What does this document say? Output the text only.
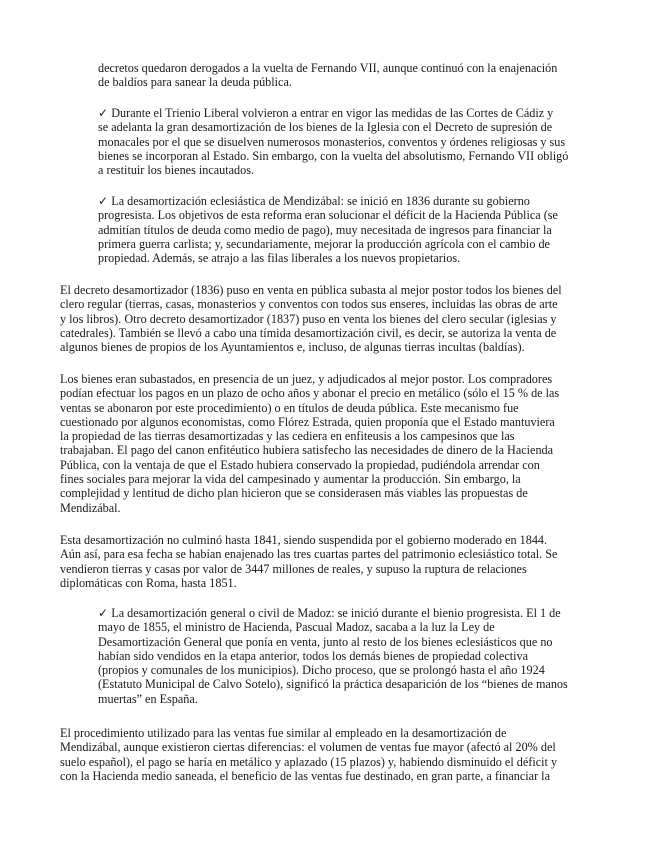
decretos quedaron derogados a la vuelta de Fernando VII, aunque continuó con la enajenación
de baldíos para sanear la deuda pública.

✓ Durante el Trienio Liberal volvieron a entrar en vigor las medidas de las Cortes de Cádiz y
se adelanta la gran desamortización de los bienes de la Iglesia con el Decreto de supresión de
monacales por el que se disuelven numerosos monasterios, conventos y órdenes religiosas y sus
bienes se incorporan al Estado. Sin embargo, con la vuelta del absolutismo, Fernando VII obligó
a restituir los bienes incautados.

✓ La desamortización eclesiástica de Mendizábal: se inició en 1836 durante su gobierno
progresista. Los objetivos de esta reforma eran solucionar el déficit de la Hacienda Pública (se
admitían títulos de deuda como medio de pago), muy necesitada de ingresos para financiar la
primera guerra carlista; y, secundariamente, mejorar la producción agrícola con el cambio de
propiedad. Además, se atrajo a las filas liberales a los nuevos propietarios.

El decreto desamortizador (1836) puso en venta en pública subasta al mejor postor todos los bienes del
clero regular (tierras, casas, monasterios y conventos con todos sus enseres, incluidas las obras de arte
y los libros). Otro decreto desamortizador (1837) puso en venta los bienes del clero secular (iglesias y
catedrales). También se llevó a cabo una tímida desamortización civil, es decir, se autoriza la venta de
algunos bienes de propios de los Ayuntamientos e, incluso, de algunas tierras incultas (baldías).

Los bienes eran subastados, en presencia de un juez, y adjudicados al mejor postor. Los compradores
podían efectuar los pagos en un plazo de ocho años y abonar el precio en metálico (sólo el 15 % de las
ventas se abonaron por este procedimiento) o en títulos de deuda pública. Este mecanismo fue
cuestionado por algunos economistas, como Flórez Estrada, quien proponía que el Estado mantuviera
la propiedad de las tierras desamortizadas y las cediera en enfiteusis a los campesinos que las
trabajaban. El pago del canon enfitéutico hubiera satisfecho las necesidades de dinero de la Hacienda
Pública, con la ventaja de que el Estado hubiera conservado la propiedad, pudiéndola arrendar con
fines sociales para mejorar la vida del campesinado y aumentar la producción. Sin embargo, la
complejidad y lentitud de dicho plan hicieron que se considerasen más viables las propuestas de
Mendizábal.

Esta desamortización no culminó hasta 1841, siendo suspendida por el gobierno moderado en 1844.
Aún así, para esa fecha se habían enajenado las tres cuartas partes del patrimonio eclesiástico total. Se
vendieron tierras y casas por valor de 3447 millones de reales, y supuso la ruptura de relaciones
diplomáticas con Roma, hasta 1851.

✓ La desamortización general o civil de Madoz: se inició durante el bienio progresista. El 1 de
mayo de 1855, el ministro de Hacienda, Pascual Madoz, sacaba a la luz la Ley de
Desamortización General que ponía en venta, junto al resto de los bienes eclesiásticos que no
habían sido vendidos en la etapa anterior, todos los demás bienes de propiedad colectiva
(propios y comunales de los municipios). Dicho proceso, que se prolongó hasta el año 1924
(Estatuto Municipal de Calvo Sotelo), significó la práctica desaparición de los “bienes de manos
muertas” en España.

El procedimiento utilizado para las ventas fue similar al empleado en la desamortización de
Mendizábal, aunque existieron ciertas diferencias: el volumen de ventas fue mayor (afectó al 20% del
suelo español), el pago se haría en metálico y aplazado (15 plazos) y, habiendo disminuido el déficit y
con la Hacienda medio saneada, el beneficio de las ventas fue destinado, en gran parte, a financiar la
